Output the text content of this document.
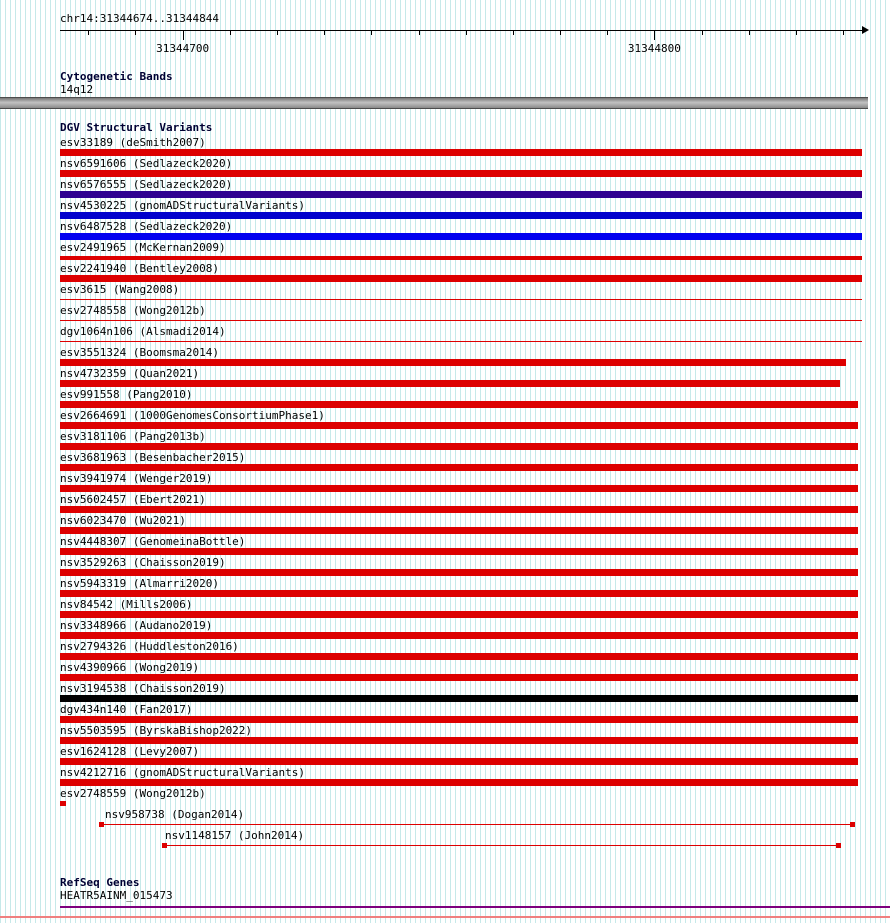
chr14:31344674..31344844
31344700	31344800
Cytogenetic Bands
14q12
DGV Structural Variants
esv33189 (deSmith2007)
nsv6591606 (Sedlazeck2020)
nsv6576555 (Sedlazeck2020)
nsv4530225 (gnomADStructuralVariants)
nsv6487528 (Sedlazeck2020)
esv2491965 (McKernan2009)
esv2241940 (Bentley2008)
esv3615 (Wang2008)
esv2748558 (Wong2012b)
dgv1064n106 (Alsmadi2014)
esv3551324 (Boomsma2014)
nsv4732359 (Quan2021)
esv991558 (Pang2010)
esv2664691 (1000GenomesConsortiumPhase1)
esv3181106 (Pang2013b)
esv3681963 (Besenbacher2015)
nsv3941974 (Wenger2019)
nsv5602457 (Ebert2021)
nsv6023470 (Wu2021)
nsv4448307 (GenomeinaBottle)
nsv3529263 (Chaisson2019)
nsv5943319 (Almarri2020)
nsv84542 (Mills2006)
nsv3348966 (Audano2019)
nsv2794326 (Huddleston2016)
nsv4390966 (Wong2019)
nsv3194538 (Chaisson2019)
dgv434n140 (Fan2017)
nsv5503595 (ByrskaBishop2022)
esv1624128 (Levy2007)
nsv4212716 (gnomADStructuralVariants)
esv2748559 (Wong2012b)
nsv958738 (Dogan2014)
nsv1148157 (John2014)
RefSeq Genes
HEATR5AINM_015473
